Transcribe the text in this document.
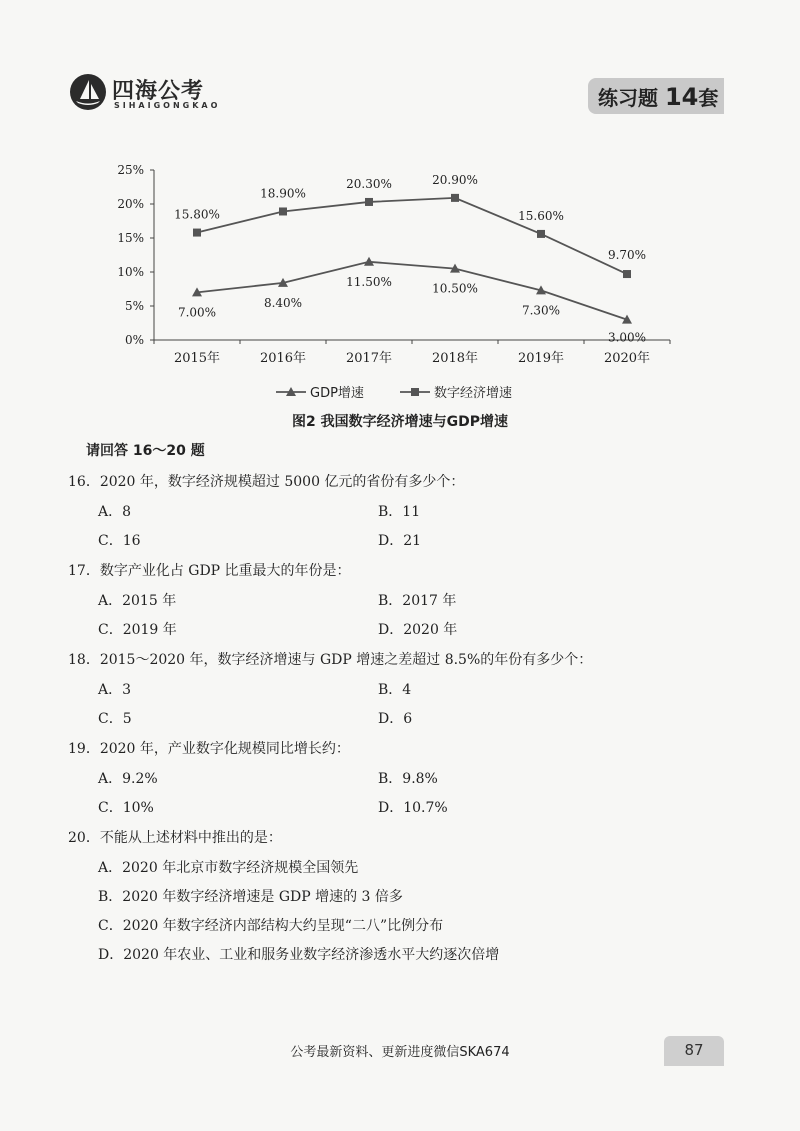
四海公考
SIHAIGONGKAO	练习题 14套
0%
5%
10%
15%
20%
25%
2015年	2016年	2017年	2018年	2019年	2020年
7.00%
8.40%
11.50%	10.50%
7.30%
3.00%
15.80%
18.90%
20.30%	20.90%
15.60%
9.70%
GDP增速	数字经济增速
图2 我国数字经济增速与GDP增速
请回答 16～20 题
16．2020 年，数字经济规模超过 5000 亿元的省份有多少个：
A．8	B．11
C．16	D．21
17．数字产业化占 GDP 比重最大的年份是：
A．2015 年	B．2017 年
C．2019 年	D．2020 年
18．2015～2020 年，数字经济增速与 GDP 增速之差超过 8.5%的年份有多少个：
A．3	B．4
C．5	D．6
19．2020 年，产业数字化规模同比增长约：
A．9.2%	B．9.8%
C．10%	D．10.7%
20．不能从上述材料中推出的是：
A．2020 年北京市数字经济规模全国领先
B．2020 年数字经济增速是 GDP 增速的 3 倍多
C．2020 年数字经济内部结构大约呈现“二八”比例分布
D．2020 年农业、工业和服务业数字经济渗透水平大约逐次倍增
公考最新资料、更新进度微信SKA674	87
